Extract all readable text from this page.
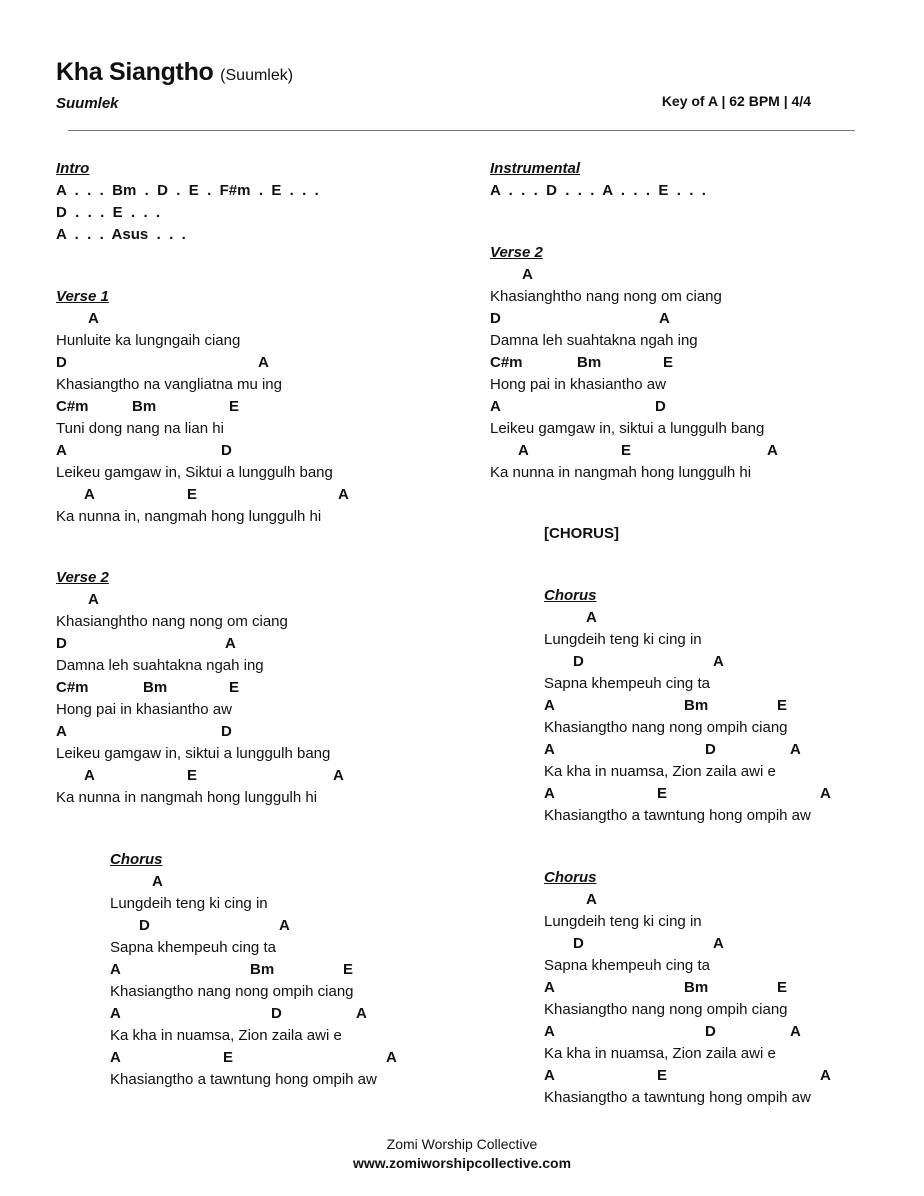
Kha Siangtho (Suumlek)
Suumlek	Key of A | 62 BPM | 4/4
Intro
A  .  .  .  Bm  .  D  .  E  .  F#m  .  E  .  .  .
D  .  .  .  E  .  .  .
A  .  .  .  Asus  .  .  .
Verse 1
A
Hunluite ka lungngaih ciang
D	A
Khasiangtho na vangliatna mu ing
C#m	Bm	E
Tuni dong nang na lian hi
A	D
Leikeu gamgaw in, Siktui a lunggulh bang
A	E	A
Ka nunna in, nangmah hong lunggulh hi
Verse 2
A
Khasianghtho nang nong om ciang
D	A
Damna leh suahtakna ngah ing
C#m	Bm	E
Hong pai in khasiantho aw
A	D
Leikeu gamgaw in, siktui a lunggulh bang
A	E	A
Ka nunna in nangmah hong lunggulh hi
Chorus
A
Lungdeih teng ki cing in
D	A
Sapna khempeuh cing ta
A	Bm	E
Khasiangtho nang nong ompih ciang
A	D	A
Ka kha in nuamsa, Zion zaila awi e
A	E	A
Khasiangtho a tawntung hong ompih aw
Instrumental
A  .  .  .  D  .  .  .  A  .  .  .  E  .  .  .
Verse 2
A
Khasianghtho nang nong om ciang
D	A
Damna leh suahtakna ngah ing
C#m	Bm	E
Hong pai in khasiantho aw
A	D
Leikeu gamgaw in, siktui a lunggulh bang
A	E	A
Ka nunna in nangmah hong lunggulh hi
[CHORUS]
Chorus
A
Lungdeih teng ki cing in
D	A
Sapna khempeuh cing ta
A	Bm	E
Khasiangtho nang nong ompih ciang
A	D	A
Ka kha in nuamsa, Zion zaila awi e
A	E	A
Khasiangtho a tawntung hong ompih aw
Chorus
A
Lungdeih teng ki cing in
D	A
Sapna khempeuh cing ta
A	Bm	E
Khasiangtho nang nong ompih ciang
A	D	A
Ka kha in nuamsa, Zion zaila awi e
A	E	A
Khasiangtho a tawntung hong ompih aw
Zomi Worship Collective
www.zomiworshipcollective.com
